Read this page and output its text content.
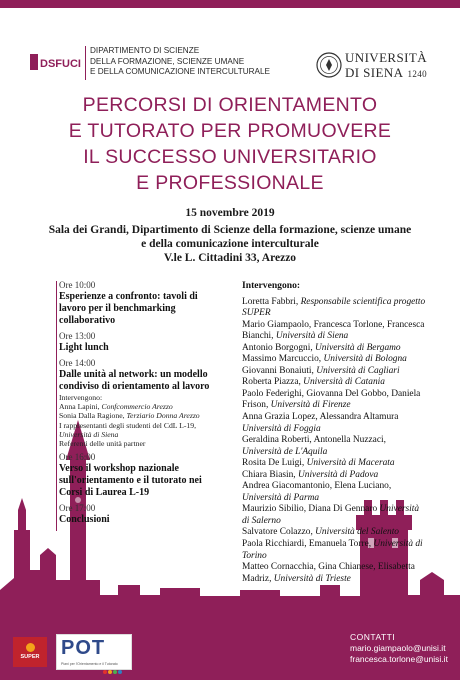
DSFUCI
DIPARTIMENTO DI SCIENZE
DELLA FORMAZIONE, SCIENZE UMANE
E DELLA COMUNICAZIONE INTERCULTURALE
UNIVERSITÀ
DI SIENA 1240
PERCORSI DI ORIENTAMENTO
E TUTORATO PER PROMUOVERE
IL SUCCESSO UNIVERSITARIO
E PROFESSIONALE
15 novembre 2019
Sala dei Grandi, Dipartimento di Scienze della formazione, scienze umane
e della comunicazione interculturale
V.le L. Cittadini 33, Arezzo
Ore 10:00
Esperienze a confronto: tavoli di lavoro per il benchmarking collaborativo
Ore 13:00
Light lunch
Ore 14:00
Dalle unità al network: un modello condiviso di orientamento al lavoro
Intervengono:
Anna Lapini, Confcommercio Arezzo
Sonia Dalla Ragione, Terziario Donna Arezzo
I rappresentanti degli studenti del CdL L-19,
Università di Siena
Referenti delle unità partner
Ore 16:00
Verso il workshop nazionale sull'orientamento e il tutorato nei Corsi di Laurea L-19
Ore 17:00
Conclusioni
Intervengono:
Loretta Fabbri, Responsabile scientifica progetto SUPER
Mario Giampaolo, Francesca Torlone, Francesca Bianchi, Università di Siena
Antonio Borgogni, Università di Bergamo
Massimo Marcuccio, Università di Bologna
Giovanni Bonaiuti, Università di Cagliari
Roberta Piazza, Università di Catania
Paolo Federighi, Giovanna Del Gobbo, Daniela Frison, Università di Firenze
Anna Grazia Lopez, Alessandra Altamura Università di Foggia
Geraldina Roberti, Antonella Nuzzaci, Università de L'Aquila
Rosita De Luigi, Università di Macerata
Chiara Biasin, Università di Padova
Andrea Giacomantonio, Elena Luciano, Università di Parma
Maurizio Sibilio, Diana Di Gennaro Università di Salerno
Salvatore Colazzo, Università del Salento
Paola Ricchiardi, Emanuela Torre, Università di Torino
Matteo Cornacchia, Gina Chianese, Elisabetta Madriz, Università di Trieste
SUPER	POT
Piani per l'Orientamento e il Tutorato
CONTATTI
mario.giampaolo@unisi.it
francesca.torlone@unisi.it
